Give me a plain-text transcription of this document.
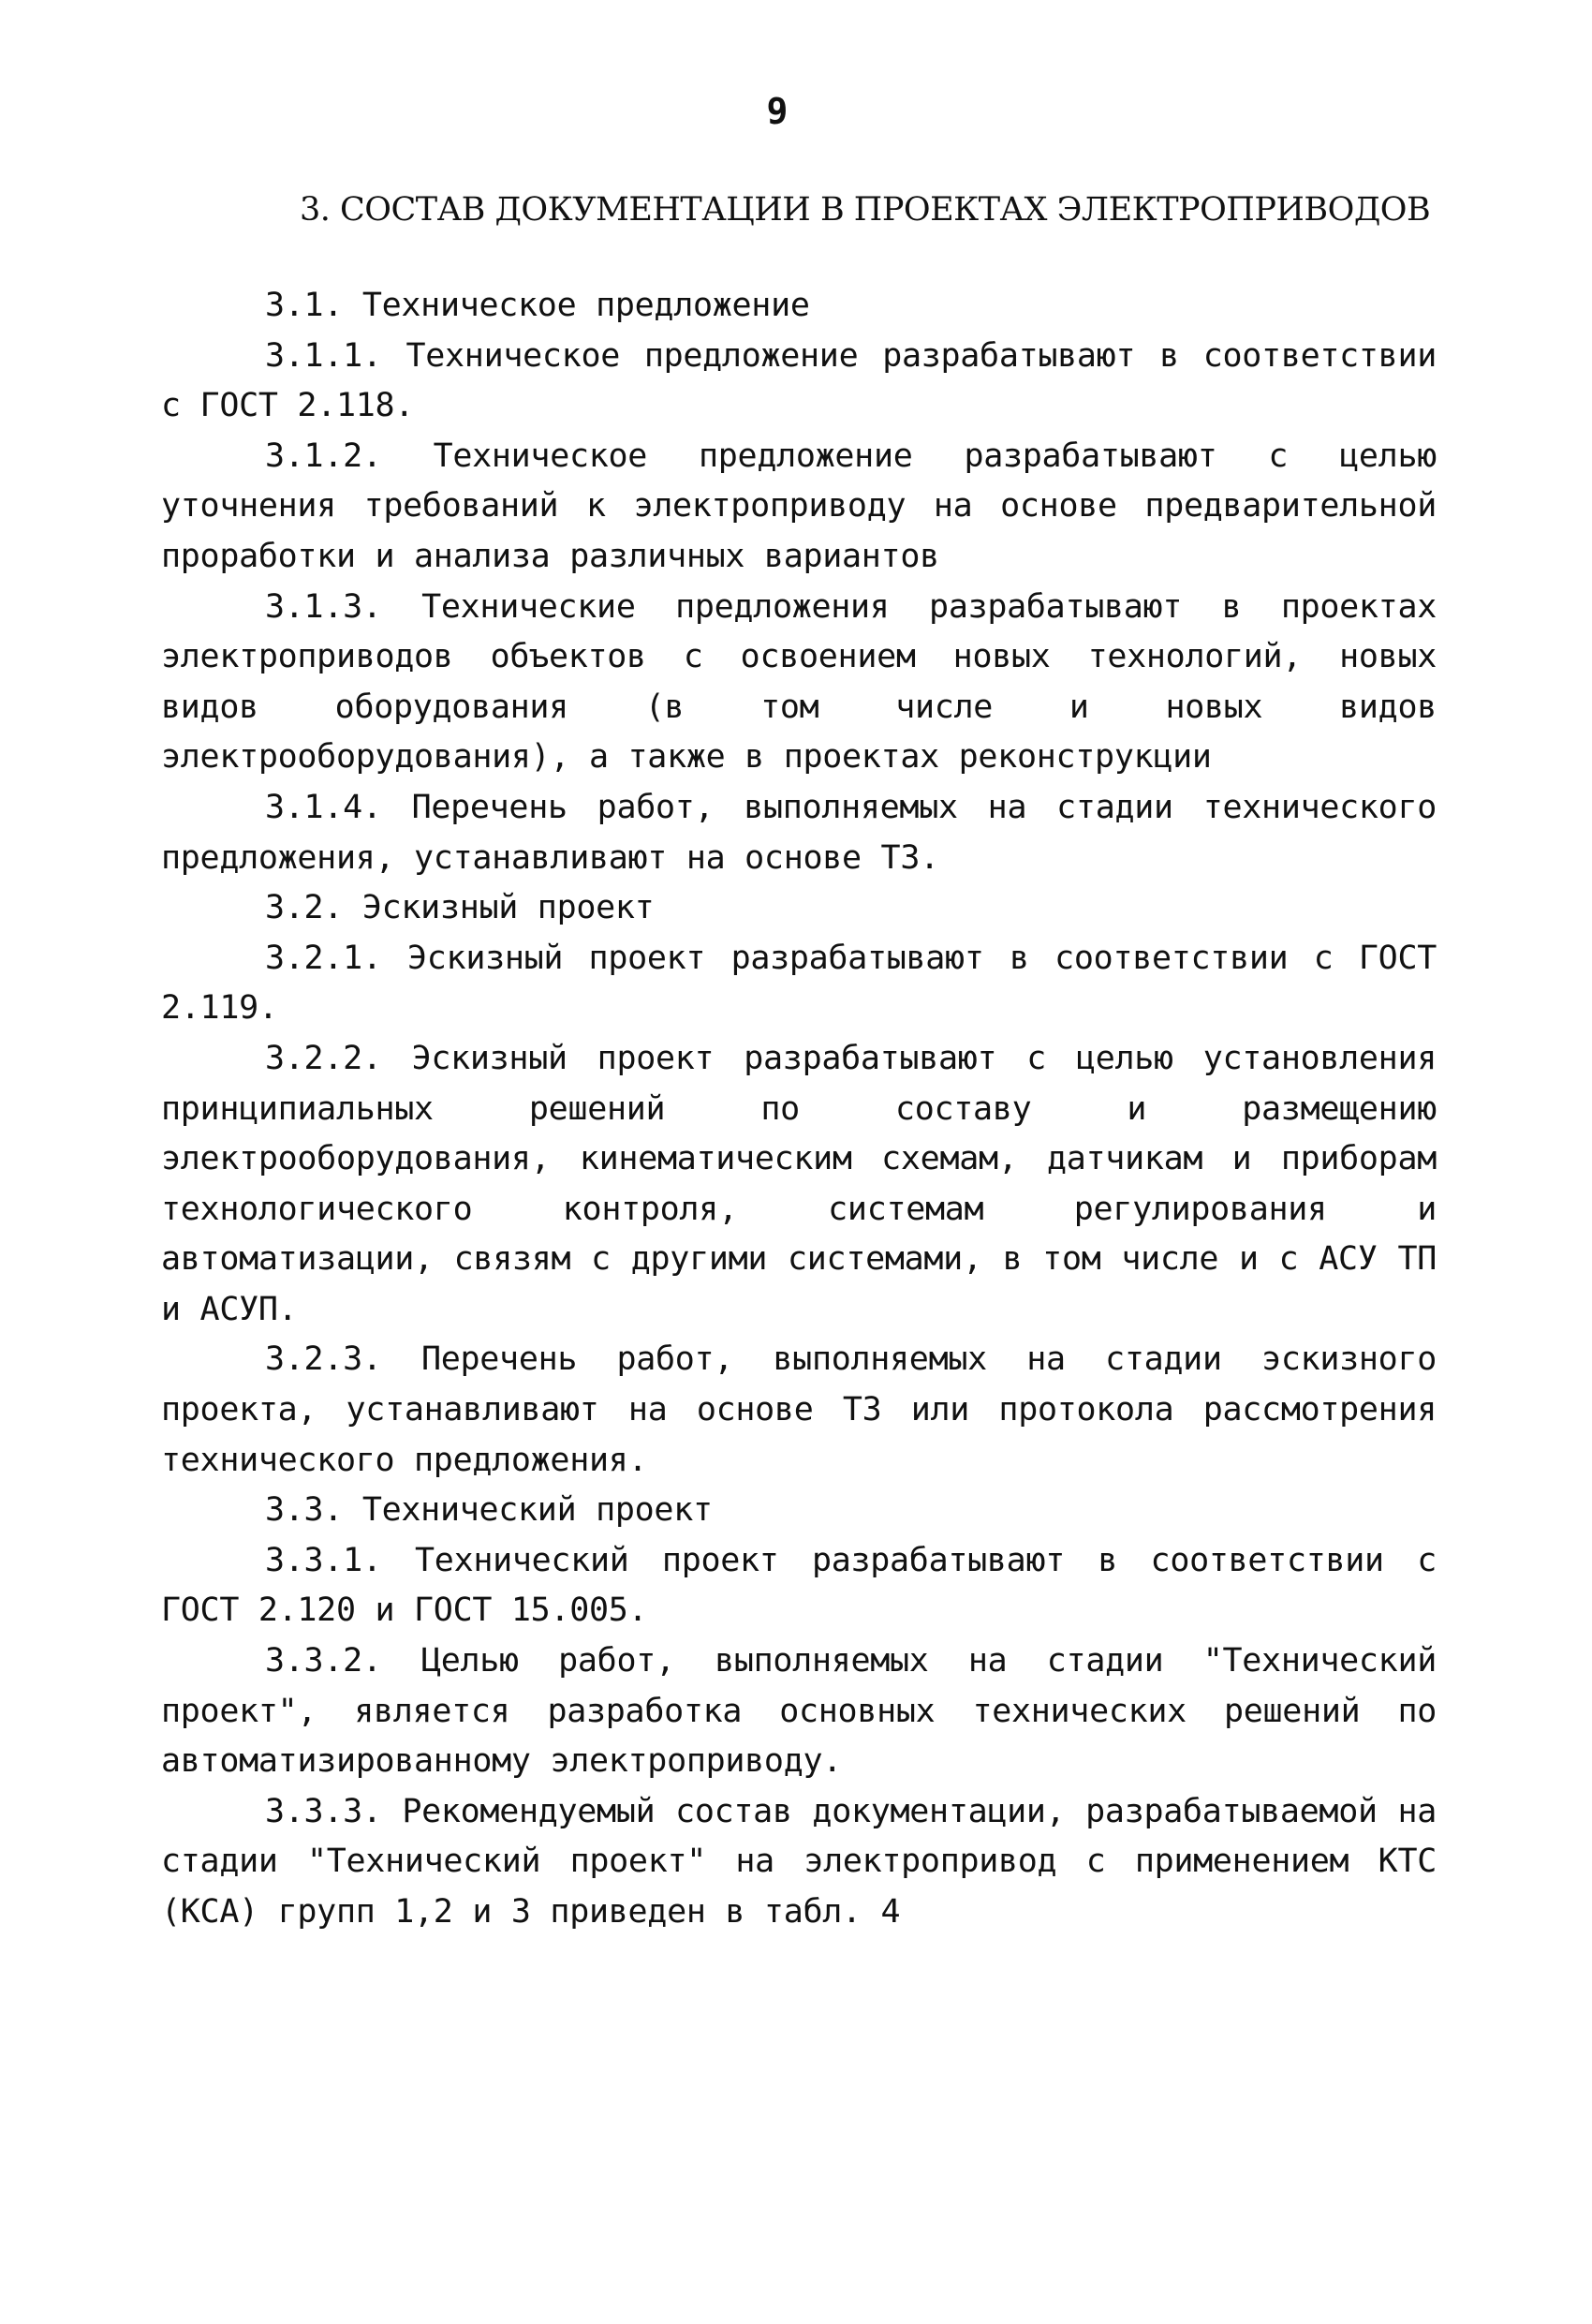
9
3. СОСТАВ ДОКУМЕНТАЦИИ В ПРОЕКТАХ ЭЛЕКТРОПРИВОДОВ

3.1. Техническое предложение

3.1.1. Техническое предложение разрабатывают в соответствии с ГОСТ 2.118.

3.1.2. Техническое предложение разрабатывают с целью уточнения требований к электроприводу на основе предварительной проработки и анализа различных вариантов

3.1.3. Технические предложения разрабатывают в проектах электроприводов объектов с освоением новых технологий, новых видов оборудования (в том числе и новых видов электрооборудования), а также в проектах реконструкции

3.1.4. Перечень работ, выполняемых на стадии технического предложения, устанавливают на основе ТЗ.

3.2. Эскизный проект

3.2.1. Эскизный проект разрабатывают в соответствии с ГОСТ 2.119.

3.2.2. Эскизный проект разрабатывают с целью установления принципиальных решений по составу и размещению электрооборудования, кинематическим схемам, датчикам и приборам технологического контроля, системам регулирования и автоматизации, связям с другими системами, в том числе и с АСУ ТП и АСУП.

3.2.3. Перечень работ, выполняемых на стадии эскизного проекта, устанавливают на основе ТЗ или протокола рассмотрения технического предложения.

3.3. Технический проект

3.3.1. Технический проект разрабатывают в соответствии с ГОСТ 2.120 и ГОСТ 15.005.

3.3.2. Целью работ, выполняемых на стадии "Технический проект", является разработка основных технических решений по автоматизированному электроприводу.

3.3.3. Рекомендуемый состав документации, разрабатываемой на стадии "Технический проект" на электропривод с применением КТС (КСА) групп 1,2 и 3 приведен в табл. 4
